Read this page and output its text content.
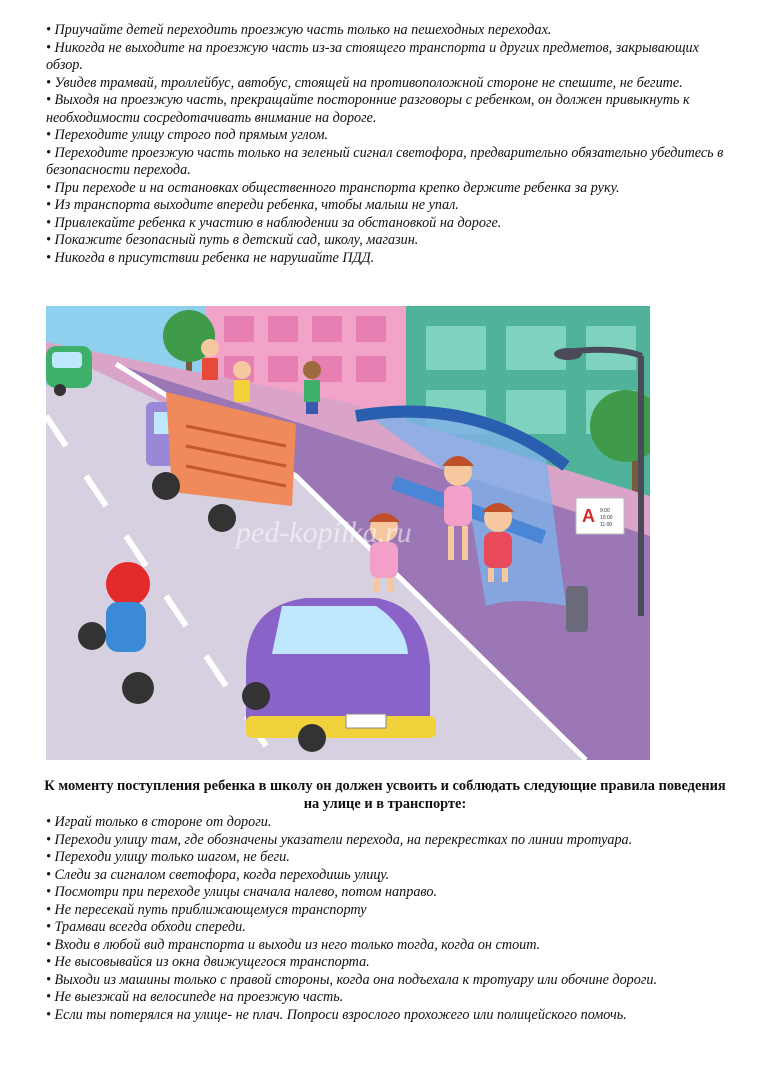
• Приучайте детей переходить проезжую часть только на пешеходных переходах.
• Никогда не выходите на проезжую часть из-за стоящего транспорта и других предметов, закрывающих обзор.
• Увидев трамвай, троллейбус, автобус, стоящей на противоположной стороне не спешите, не бегите.
• Выходя на проезжую часть, прекращайте посторонние разговоры с ребенком, он должен привыкнуть к необходимости сосредотачивать внимание на дороге.
• Переходите улицу строго под прямым углом.
• Переходите проезжую часть только на зеленый сигнал светофора, предварительно обязательно убедитесь в безопасности перехода.
• При переходе и на остановках общественного транспорта крепко держите ребенка за руку.
• Из транспорта выходите впереди ребенка, чтобы малыш не упал.
• Привлекайте ребенка к участию в наблюдении за обстановкой на дороге.
• Покажите безопасный путь в детский сад, школу, магазин.
• Никогда в присутствии ребенка не нарушайте ПДД.
А 9:00
10:00
11:00
ped-kopilka.ru

К моменту поступления ребенка в школу он должен усвоить и соблюдать следующие правила поведения на улице и в транспорте:

• Играй только в стороне от дороги.
• Переходи улицу там, где обозначены указатели перехода, на перекрестках по линии тротуара.
• Переходи улицу только шагом, не беги.
• Следи за сигналом светофора, когда переходишь улицу.
• Посмотри при переходе улицы сначала налево, потом направо.
• Не пересекай путь приближающемуся транспорту
• Трамваи всегда обходи спереди.
• Входи в любой вид транспорта и выходи из него только тогда, когда он стоит.
• Не высовывайся из окна движущегося транспорта.
• Выходи из машины только с правой стороны, когда она подъехала к тротуару или обочине дороги.
• Не выезжай на велосипеде на проезжую часть.
• Если ты потерялся на улице- не плач. Попроси взрослого прохожего или полицейского помочь.
